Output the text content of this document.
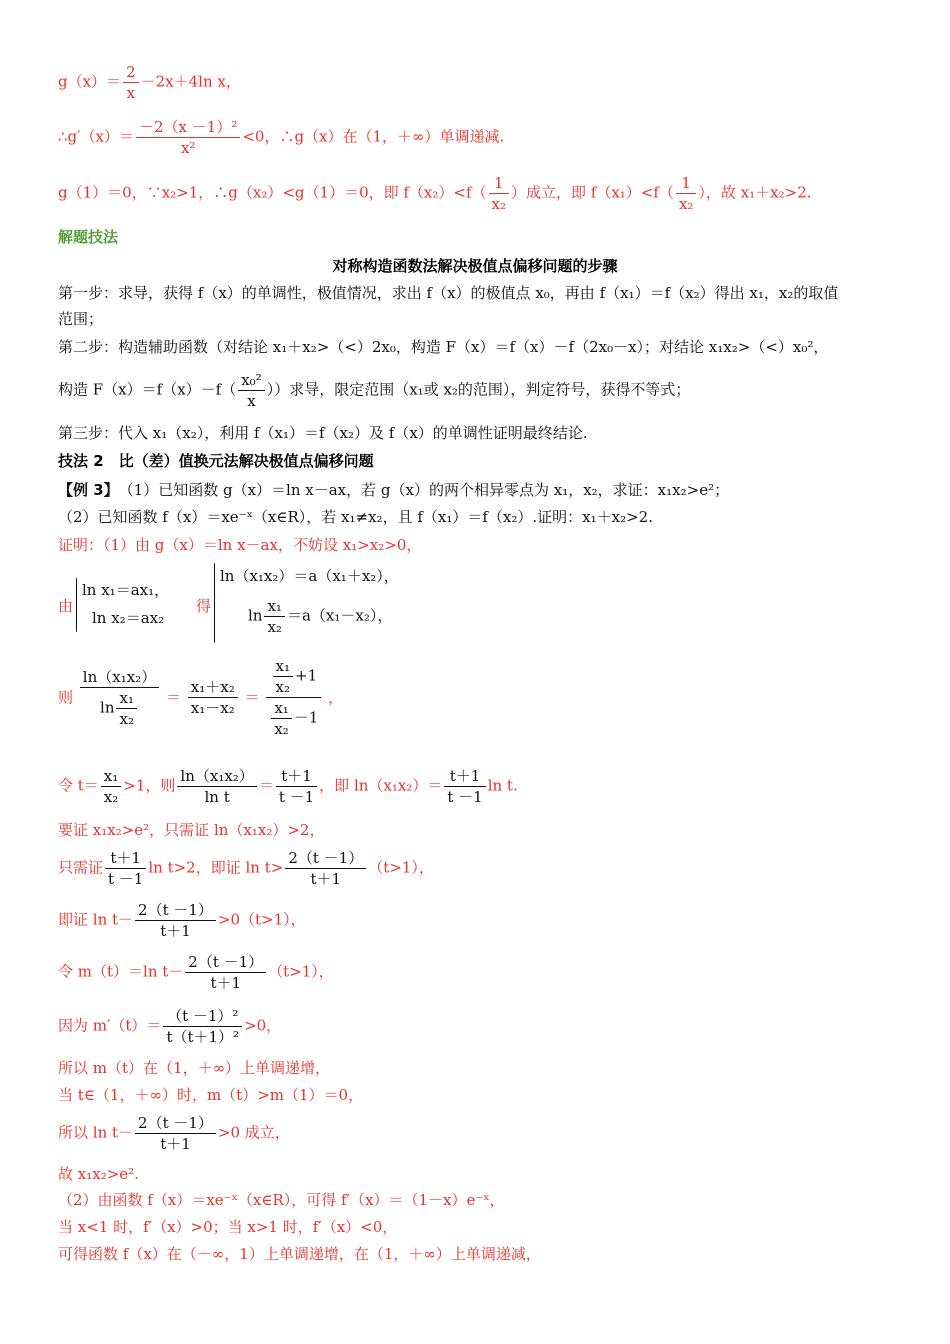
$g(x)= \frac{2}{x} -2x+4\ln$ x，
∴g′（x）＝ $\frac{\text{－2（x －1）²}}{\text{x²}} <0$，∴g（x）在（1，＋∞）单调递减.
g（1）＝0，∵x₂>1，∴g（x₂）<g（1）＝0，即 $f(x_2)<f( \frac{1}{\text{x₂}}$ ）成立，即 $f(x_1)<f( \frac{1}{\text{x₂}}$ ），故 x₁＋x₂>2.
解题技法
对称构造函数法解决极值点偏移问题的步骤
第一步：求导，获得 f（x）的单调性，极值情况，求出 f（x）的极值点 x₀，再由 f（x₁）＝f（x₂）得出 x₁，x₂的取值
范围；
第二步：构造辅助函数（对结论 x₁＋x₂>（<）2x₀，构造 F（x）＝f（x）－f（2x₀－x）；对结论 x₁x₂>（<）x₀²，
构造 $F(x)=f(x)-f( \frac{\text{x₀²}}{x}$ ））求导，限定范围（x₁或 x₂的范围），判定符号，获得不等式；
第三步：代入 x₁（x₂），利用 f（x₁）＝f（x₂）及 f（x）的单调性证明最终结论.
技法 2　比（差）值换元法解决极值点偏移问题
【例 3】　（1）已知函数 g（x）＝ln x－ax，若 g（x）的两个相异零点为 x₁，x₂，求证：x₁x₂>e²；
（2）已知函数 f（x）＝xe⁻ˣ（x∈R），若 x₁≠x₂，且 f（x₁）＝f（x₂）.证明：x₁＋x₂>2.
证明：（1）由 g（x）＝ln x－ax，不妨设 x₁>x₂>0，
由
ln x₁＝ax₁，
ln x₂＝ax₂
得
ln（x₁x₂）＝a（x₁＋x₂），
$\ln \frac{\text{x₁}}{\text{x₂}} =a(x_1-x_2)$，
则 $\frac{\text{ln（x₁x₂）}}{\ln \frac{\text{x₁}}{\text{x₂}}} = \frac{\text{x₁＋x₂}}{\text{x₁－x₂}} = \frac{\frac{\text{x₁}}{\text{x₂}} +1}{\frac{\text{x₁}}{\text{x₂}} -1}$ ，
令 $t= \frac{\text{x₁}}{\text{x₂}} >1$，则 $\frac{\text{ln（x₁x₂）}}{\text{ln t}} = \frac{t+1}{t -1}$ ，即 $\ln(x_1x_2)= \frac{t+1}{t -1}$ ln t.
要证 x₁x₂>e²，只需证 ln（x₁x₂）>2，
只需证 $\frac{t+1}{t -1}$ ln t>2，即证 $\ln t> \frac{2(t -1)}{t+1} (t>1)$，
即证 $\ln t- \frac{2(t -1)}{t+1} >0(t>1)$，
令 m（t）＝ln $t- \frac{2(t -1)}{t+1} (t>1)$，
因为 $m'(t)= \frac{\text{（t －1）²}}{\text{t（t＋1）²}} >0$，
所以 m（t）在（1，＋∞）上单调递增，
当 t∈（1，＋∞）时，m（t）>m（1）＝0，
所以 $\ln t- \frac{2(t -1)}{t+1} >0$ 成立，
故 x₁x₂>e².
（2）由函数 f（x）＝xe⁻ˣ（x∈R），可得 f′（x）＝（1－x）e⁻ˣ，
当 x<1 时，f′（x）>0；当 x>1 时，f′（x）<0，
可得函数 f（x）在（－∞，1）上单调递增，在（1，＋∞）上单调递减，
